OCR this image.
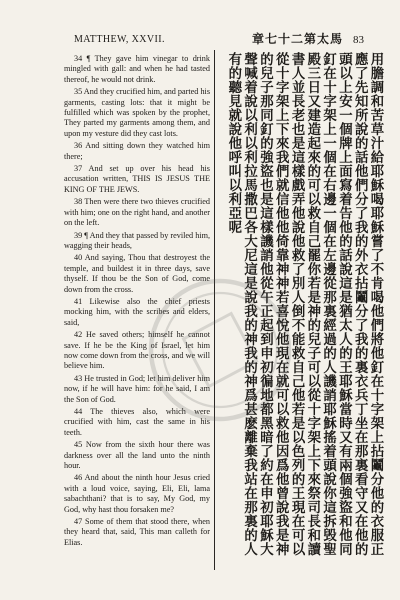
MATTHEW, XXVII.	章七十二第太馬 83

34 ¶ They gave him vinegar to drink mingled with gall: and when he had tasted thereof, he would not drink.

35 And they crucified him, and parted his garments, casting lots: that it might be fulfilled which was spoken by the prophet, They parted my garments among them, and upon my vesture did they cast lots.

36 And sitting down they watched him there;

37 And set up over his head his accusation written, THIS IS JESUS THE KING OF THE JEWS.

38 Then were there two thieves crucified with him; one on the right hand, and another on the left.

39 ¶ And they that passed by reviled him, wagging their heads,

40 And saying, Thou that destroyest the temple, and buildest it in three days, save thyself. If thou be the Son of God, come down from the cross.

41 Likewise also the chief priests mocking him, with the scribes and elders, said,

42 He saved others; himself he cannot save. If he be the King of Israel, let him now come down from the cross, and we will believe him.

43 He trusted in God; let him deliver him now, if he will have him: for he said, I am the Son of God.

44 The thieves also, which were crucified with him, cast the same in his teeth.

45 Now from the sixth hour there was darkness over all the land unto the ninth hour.

46 And about the ninth hour Jesus cried with a loud voice, saying, Eli, Eli, lama sabachthani? that is to say, My God, my God, why hast thou forsaken me?

47 Some of them that stood there, when they heard that, said, This man calleth for Elias.	用膽調和苦草汁給耶穌喝耶穌嘗了不肯喝他們將他釘在十字架上拈鬮分他的衣服正應了先知所說的話他們分了我的外衣拈鬮分了我的裏衣兵丁坐在那裏看守又在他的頭以上安一個牌上面寫着告他的話說這是猶太人的王耶穌當時又有兩個強盜和他同釘在十字架上一個在右邊一個在左邊從那裏經過的人譏誚耶穌搖着頭說你這拆毁聖殿三日又建造起來的可以救自己罷你若是神的兒子可以從十字架上下來祭司長和讀書人並長老也是這樣戲弄他說他救了別人倒不能救自己他若是以色列的王現在可以從十字架上下來我們就信他他倚靠神神若喜悅他現在就可以救他因爲他曾說我是神的兒子那同釘的強盜也是這樣譏誚他從午正起到申初徧地都黑暗了約在申初耶穌大聲喊着說以利以利拉馬撒巴各大尼這是說我的神我的神爲甚麽離棄我站在那裏的人有的聽見就說他呼叫以利亞呢
